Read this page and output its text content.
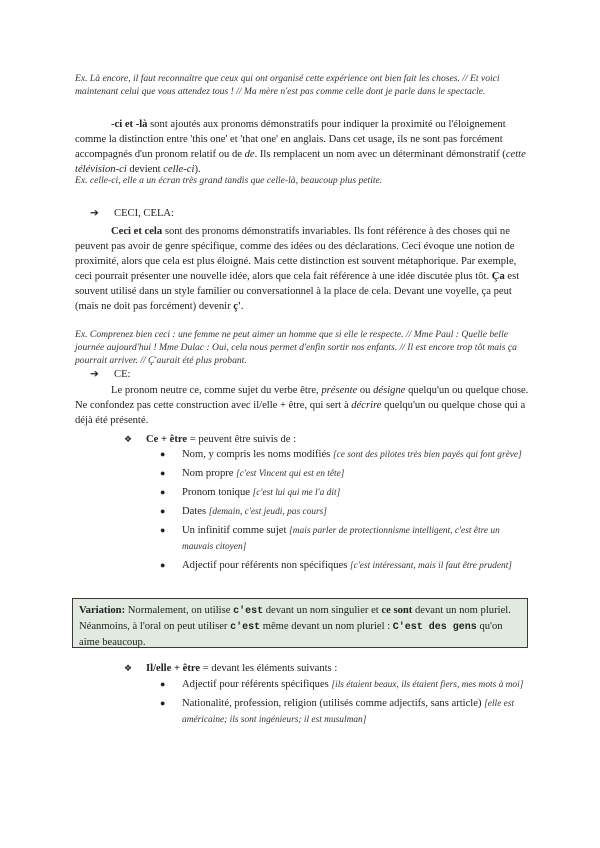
Ex. Là encore, il faut reconnaître que ceux qui ont organisé cette expérience ont bien fait les choses. // Et voici maintenant celui que vous attendez tous ! // Ma mère n'est pas comme celle dont je parle dans le spectacle.
-ci et -là sont ajoutés aux pronoms démonstratifs pour indiquer la proximité ou l'éloignement comme la distinction entre 'this one' et 'that one' en anglais. Dans cet usage, ils ne sont pas forcément accompagnés d'un pronom relatif ou de de. Ils remplacent un nom avec un déterminant démonstratif (cette télévision-ci devient celle-ci).
Ex. celle-ci, elle a un écran très grand tandis que celle-là, beaucoup plus petite.
➔ CECI, CELA:
Ceci et cela sont des pronoms démonstratifs invariables. Ils font référence à des choses qui ne peuvent pas avoir de genre spécifique, comme des idées ou des déclarations. Ceci évoque une notion de proximité, alors que cela est plus éloigné. Mais cette distinction est souvent métaphorique. Par exemple, ceci pourrait présenter une nouvelle idée, alors que cela fait référence à une idée discutée plus tôt. Ça est souvent utilisé dans un style familier ou conversationnel à la place de cela. Devant une voyelle, ça peut (mais ne doit pas forcément) devenir ç'.
Ex. Comprenez bien ceci : une femme ne peut aimer un homme que si elle le respecte. // Mme Paul : Quelle belle journée aujourd'hui ! Mme Dulac : Oui, cela nous permet d'enfin sortir nos enfants. // Il est encore trop tôt mais ça pourrait arriver. // Ç'aurait été plus probant.
➔ CE:
Le pronom neutre ce, comme sujet du verbe être, présente ou désigne quelqu'un ou quelque chose. Ne confondez pas cette construction avec il/elle + être, qui sert à décrire quelqu'un ou quelque chose qui a déjà été présenté.
❖ Ce + être = peuvent être suivis de :
●	Nom, y compris les noms modifiés [ce sont des pilotes très bien payés qui font grève]
●	Nom propre [c'est Vincent qui est en tête]
●	Pronom tonique [c'est lui qui me l'a dit]
●	Dates [demain, c'est jeudi, pas cours]
●	Un infinitif comme sujet [mais parler de protectionnisme intelligent, c'est être un mauvais citoyen]
●	Adjectif pour référents non spécifiques [c'est intéressant, mais il faut être prudent]
Variation: Normalement, on utilise c'est devant un nom singulier et ce sont devant un nom pluriel. Néanmoins, à l'oral on peut utiliser c'est même devant un nom pluriel : C'est des gens qu'on aime beaucoup.
❖ Il/elle + être = devant les éléments suivants :
●	Adjectif pour référents spécifiques [ils étaient beaux, ils étaient fiers, mes mots à moi]
●	Nationalité, profession, religion (utilisés comme adjectifs, sans article) [elle est américaine; ils sont ingénieurs; il est musulman]
